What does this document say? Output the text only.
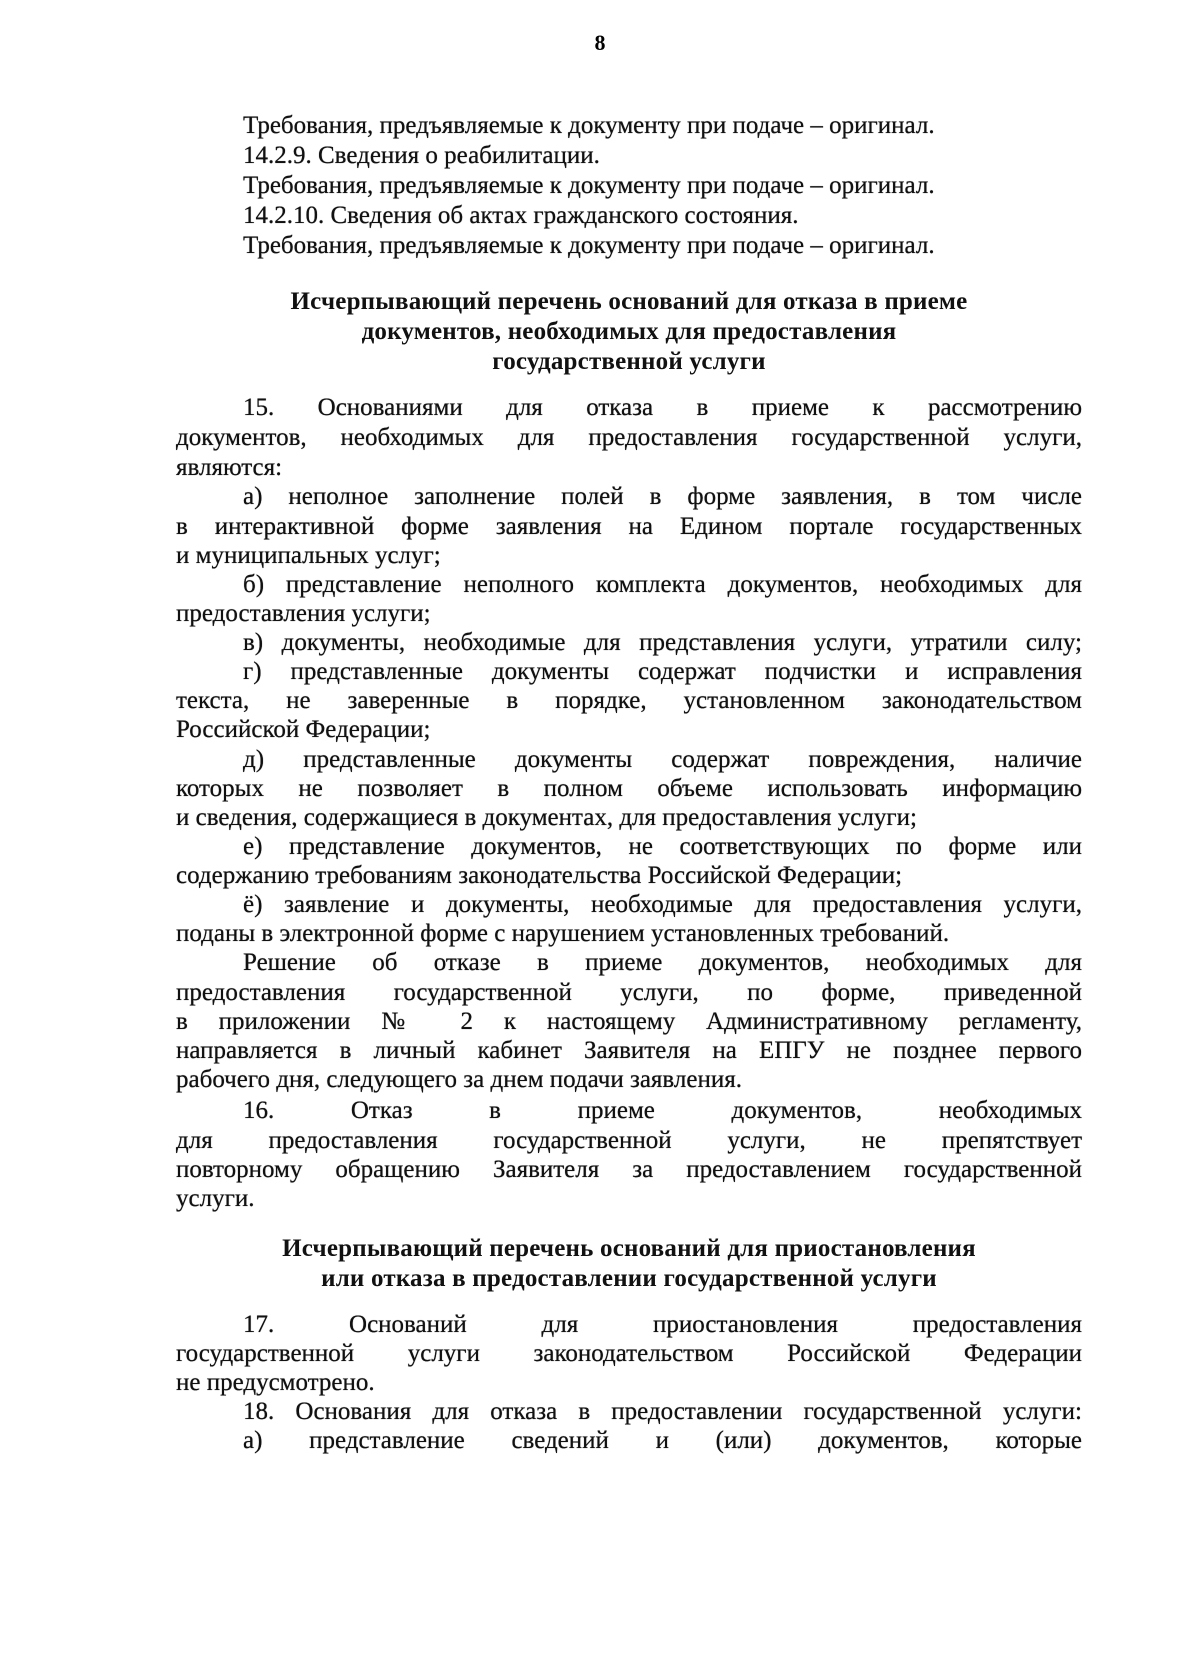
8
Требования, предъявляемые к документу при подаче – оригинал.
14.2.9. Сведения о реабилитации.
Требования, предъявляемые к документу при подаче – оригинал.
14.2.10. Сведения об актах гражданского состояния.
Требования, предъявляемые к документу при подаче – оригинал.
Исчерпывающий перечень оснований для отказа в приеме
документов, необходимых для предоставления
государственной услуги
15. Основаниями для отказа в приеме к рассмотрению
документов, необходимых для предоставления государственной услуги,
являются:
а) неполное заполнение полей в форме заявления, в том числе
в интерактивной форме заявления на Едином портале государственных
и муниципальных услуг;
б) представление неполного комплекта документов, необходимых для
предоставления услуги;
в) документы, необходимые для представления услуги, утратили силу;
г) представленные документы содержат подчистки и исправления
текста, не заверенные в порядке, установленном законодательством
Российской Федерации;
д) представленные документы содержат повреждения, наличие
которых не позволяет в полном объеме использовать информацию
и сведения, содержащиеся в документах, для предоставления услуги;
е) представление документов, не соответствующих по форме или
содержанию требованиям законодательства Российской Федерации;
ё) заявление и документы, необходимые для предоставления услуги,
поданы в электронной форме с нарушением установленных требований.
Решение об отказе в приеме документов, необходимых для
предоставления государственной услуги, по форме, приведенной
в приложении № 2 к настоящему Административному регламенту,
направляется в личный кабинет Заявителя на ЕПГУ не позднее первого
рабочего дня, следующего за днем подачи заявления.
16. Отказ в приеме документов, необходимых
для предоставления государственной услуги, не препятствует
повторному обращению Заявителя за предоставлением государственной
услуги.
Исчерпывающий перечень оснований для приостановления
или отказа в предоставлении государственной услуги
17. Оснований для приостановления предоставления
государственной услуги законодательством Российской Федерации
не предусмотрено.
18. Основания для отказа в предоставлении государственной услуги:
а) представление сведений и (или) документов, которые
